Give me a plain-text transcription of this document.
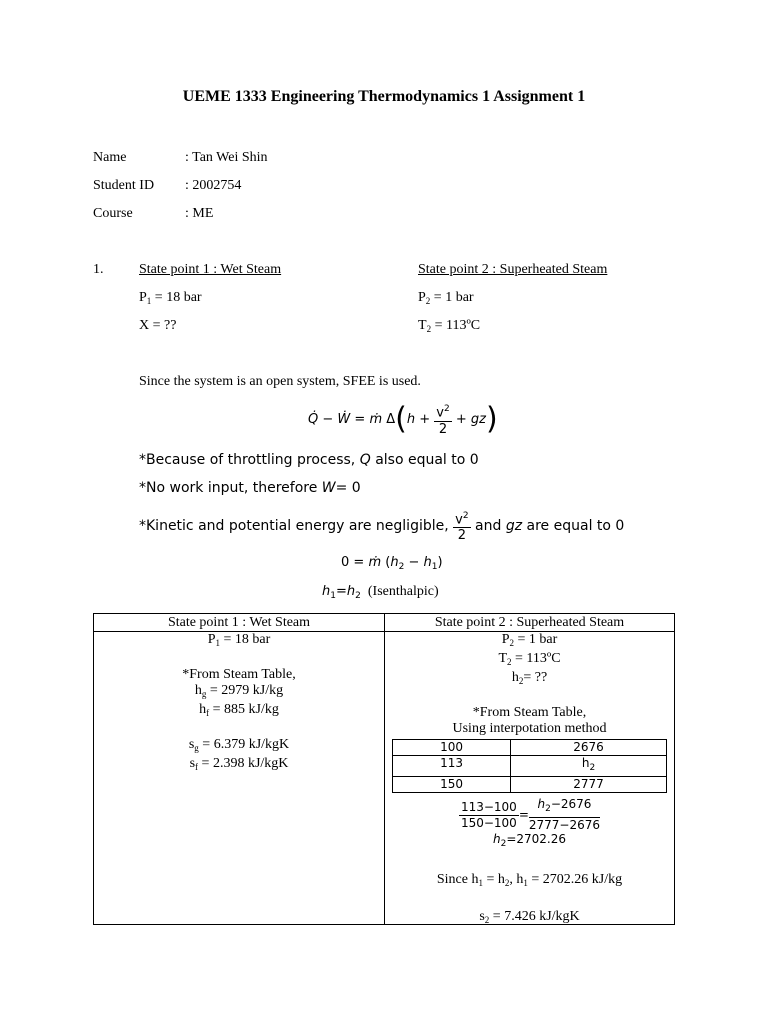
UEME 1333 Engineering Thermodynamics 1 Assignment 1
Name	: Tan Wei Shin
Student ID : 2002754
Course	: ME
1.	State point 1 : Wet Steam	State point 2 : Superheated Steam
$P_1 = 18$ bar	$P_2 = 1$ bar
X = ??	$T_2$ = 113ºC
Since the system is an open system, SFEE is used.
Q̇ − Ẇ = ṁ $\Delta(h + \frac{v^2}{2} + gz)$
*Because of throttling process, Q also equal to 0
*No work input, therefore W= 0
*Kinetic and potential energy are negligible, $\frac{v^2}{2}$ and gz are equal to 0
0 = ṁ $(h_2 - h_1)$
$h_1=h_2$ (Isenthalpic)
State point 1 : Wet Steam	State point 2 : Superheated Steam

$P_1 = 18$ bar

*From Steam Table,
$h_g = 2979$ kJ/kg
$h_f = 885$ kJ/kg

$s_g = 6.379$ kJ/kgK
$s_f = 2.398$ kJ/kgK

$P_2 = 1$ bar
$T_2$ = 113ºC
$h_2=$ ??

*From Steam Table,
Using interpotation method
100	2676
113	$h_2$
150	2777
$\frac{113-100}{150-100} = \frac{h_2-2676}{2777-2676}$
$h_2=2702.26$

Since $h_1 = h_2$, $h_1 = 2702.26$ kJ/kg

$s_2 = 7.426$ kJ/kgK
